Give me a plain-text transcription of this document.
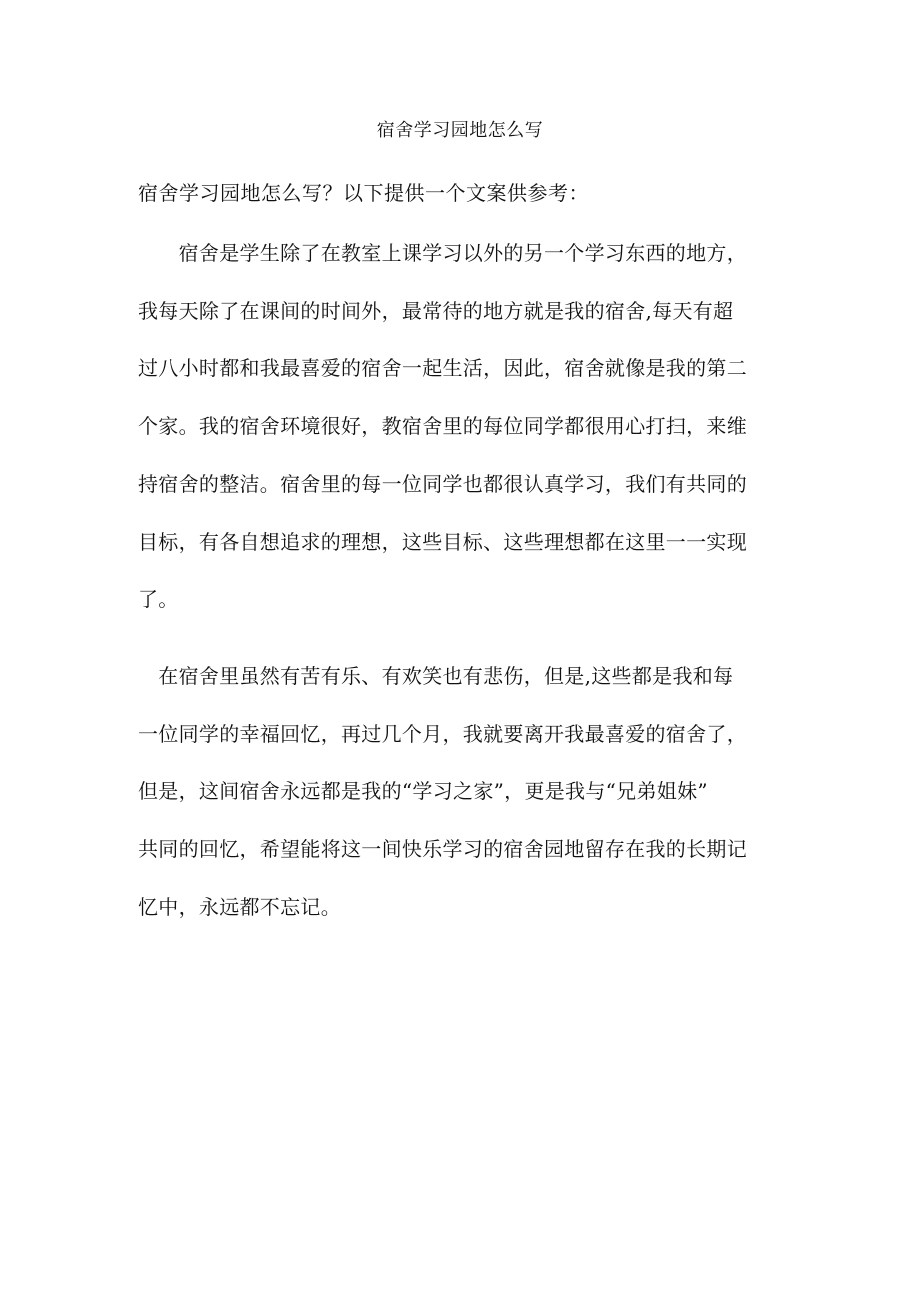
宿舍学习园地怎么写

宿舍学习园地怎么写？以下提供一个文案供参考：

　　宿舍是学生除了在教室上课学习以外的另一个学习东西的地方，
我每天除了在课间的时间外，最常待的地方就是我的宿舍,每天有超
过八小时都和我最喜爱的宿舍一起生活，因此，宿舍就像是我的第二
个家。我的宿舍环境很好，教宿舍里的每位同学都很用心打扫，来维
持宿舍的整洁。宿舍里的每一位同学也都很认真学习，我们有共同的
目标，有各自想追求的理想，这些目标、这些理想都在这里一一实现
了。
　在宿舍里虽然有苦有乐、有欢笑也有悲伤，但是,这些都是我和每
一位同学的幸福回忆，再过几个月，我就要离开我最喜爱的宿舍了，
但是，这间宿舍永远都是我的“学习之家”，更是我与“兄弟姐妹”
共同的回忆，希望能将这一间快乐学习的宿舍园地留存在我的长期记
忆中，永远都不忘记。
